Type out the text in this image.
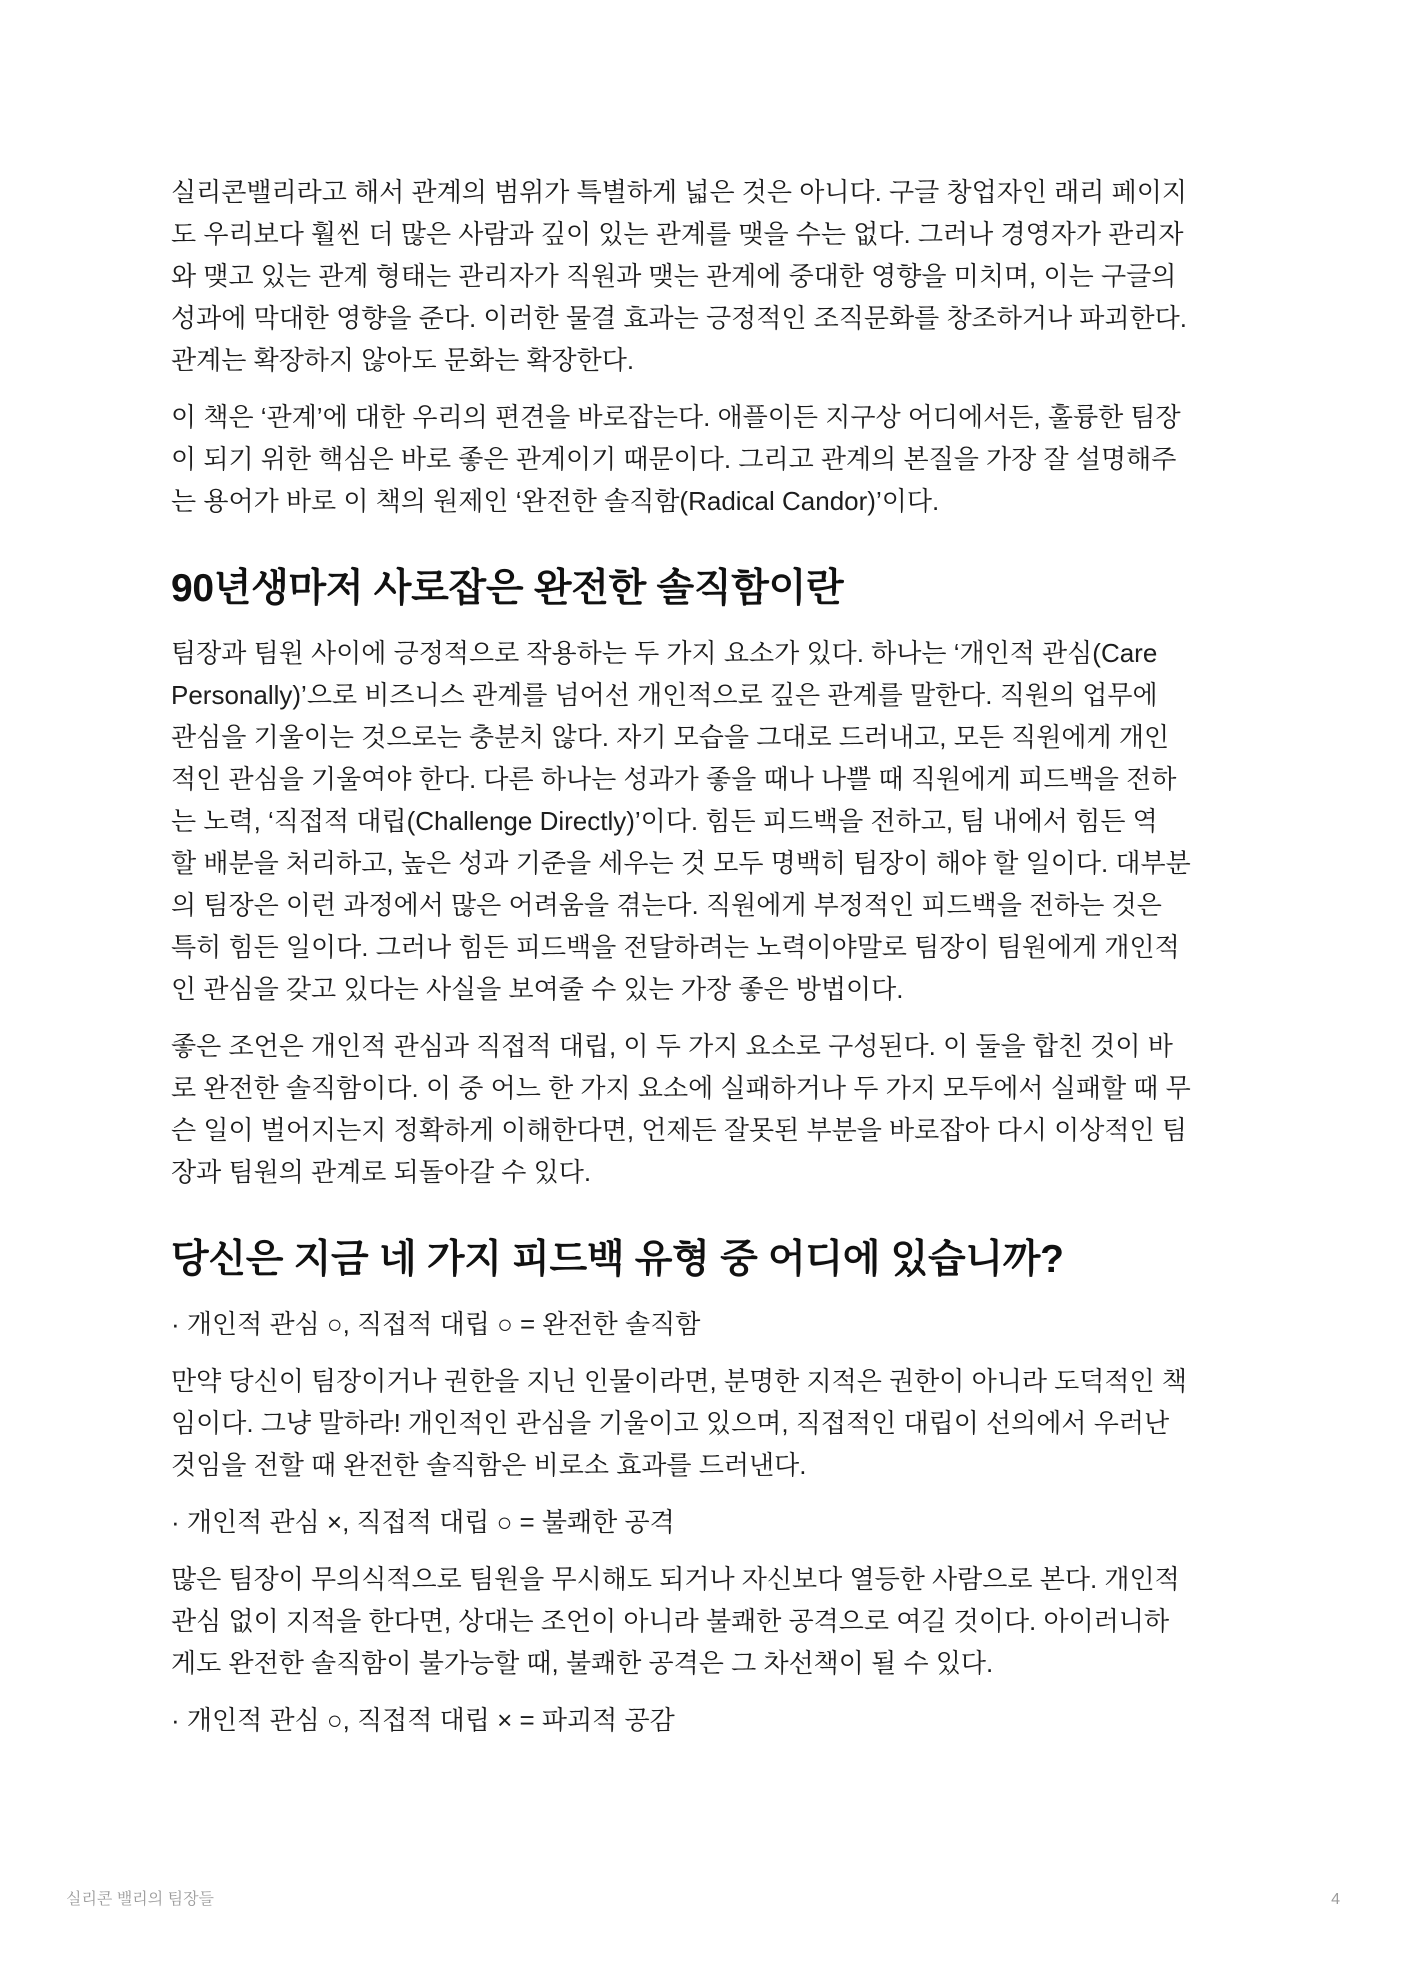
실리콘밸리라고 해서 관계의 범위가 특별하게 넓은 것은 아니다. 구글 창업자인 래리 페이지
도 우리보다 훨씬 더 많은 사람과 깊이 있는 관계를 맺을 수는 없다. 그러나 경영자가 관리자
와 맺고 있는 관계 형태는 관리자가 직원과 맺는 관계에 중대한 영향을 미치며, 이는 구글의
성과에 막대한 영향을 준다. 이러한 물결 효과는 긍정적인 조직문화를 창조하거나 파괴한다.
관계는 확장하지 않아도 문화는 확장한다.
이 책은 ‘관계’에 대한 우리의 편견을 바로잡는다. 애플이든 지구상 어디에서든, 훌륭한 팀장
이 되기 위한 핵심은 바로 좋은 관계이기 때문이다. 그리고 관계의 본질을 가장 잘 설명해주
는 용어가 바로 이 책의 원제인 ‘완전한 솔직함(Radical Candor)’이다.
90년생마저 사로잡은 완전한 솔직함이란
팀장과 팀원 사이에 긍정적으로 작용하는 두 가지 요소가 있다. 하나는 ‘개인적 관심(Care
Personally)’으로 비즈니스 관계를 넘어선 개인적으로 깊은 관계를 말한다. 직원의 업무에
관심을 기울이는 것으로는 충분치 않다. 자기 모습을 그대로 드러내고, 모든 직원에게 개인
적인 관심을 기울여야 한다. 다른 하나는 성과가 좋을 때나 나쁠 때 직원에게 피드백을 전하
는 노력, ‘직접적 대립(Challenge Directly)’이다. 힘든 피드백을 전하고, 팀 내에서 힘든 역
할 배분을 처리하고, 높은 성과 기준을 세우는 것 모두 명백히 팀장이 해야 할 일이다. 대부분
의 팀장은 이런 과정에서 많은 어려움을 겪는다. 직원에게 부정적인 피드백을 전하는 것은
특히 힘든 일이다. 그러나 힘든 피드백을 전달하려는 노력이야말로 팀장이 팀원에게 개인적
인 관심을 갖고 있다는 사실을 보여줄 수 있는 가장 좋은 방법이다.
좋은 조언은 개인적 관심과 직접적 대립, 이 두 가지 요소로 구성된다. 이 둘을 합친 것이 바
로 완전한 솔직함이다. 이 중 어느 한 가지 요소에 실패하거나 두 가지 모두에서 실패할 때 무
슨 일이 벌어지는지 정확하게 이해한다면, 언제든 잘못된 부분을 바로잡아 다시 이상적인 팀
장과 팀원의 관계로 되돌아갈 수 있다.
당신은 지금 네 가지 피드백 유형 중 어디에 있습니까?
· 개인적 관심 ○, 직접적 대립 ○ = 완전한 솔직함
만약 당신이 팀장이거나 권한을 지닌 인물이라면, 분명한 지적은 권한이 아니라 도덕적인 책
임이다. 그냥 말하라! 개인적인 관심을 기울이고 있으며, 직접적인 대립이 선의에서 우러난
것임을 전할 때 완전한 솔직함은 비로소 효과를 드러낸다.
· 개인적 관심 ×, 직접적 대립 ○ = 불쾌한 공격
많은 팀장이 무의식적으로 팀원을 무시해도 되거나 자신보다 열등한 사람으로 본다. 개인적
관심 없이 지적을 한다면, 상대는 조언이 아니라 불쾌한 공격으로 여길 것이다. 아이러니하
게도 완전한 솔직함이 불가능할 때, 불쾌한 공격은 그 차선책이 될 수 있다.
· 개인적 관심 ○, 직접적 대립 × = 파괴적 공감
실리콘 밸리의 팀장들	4
